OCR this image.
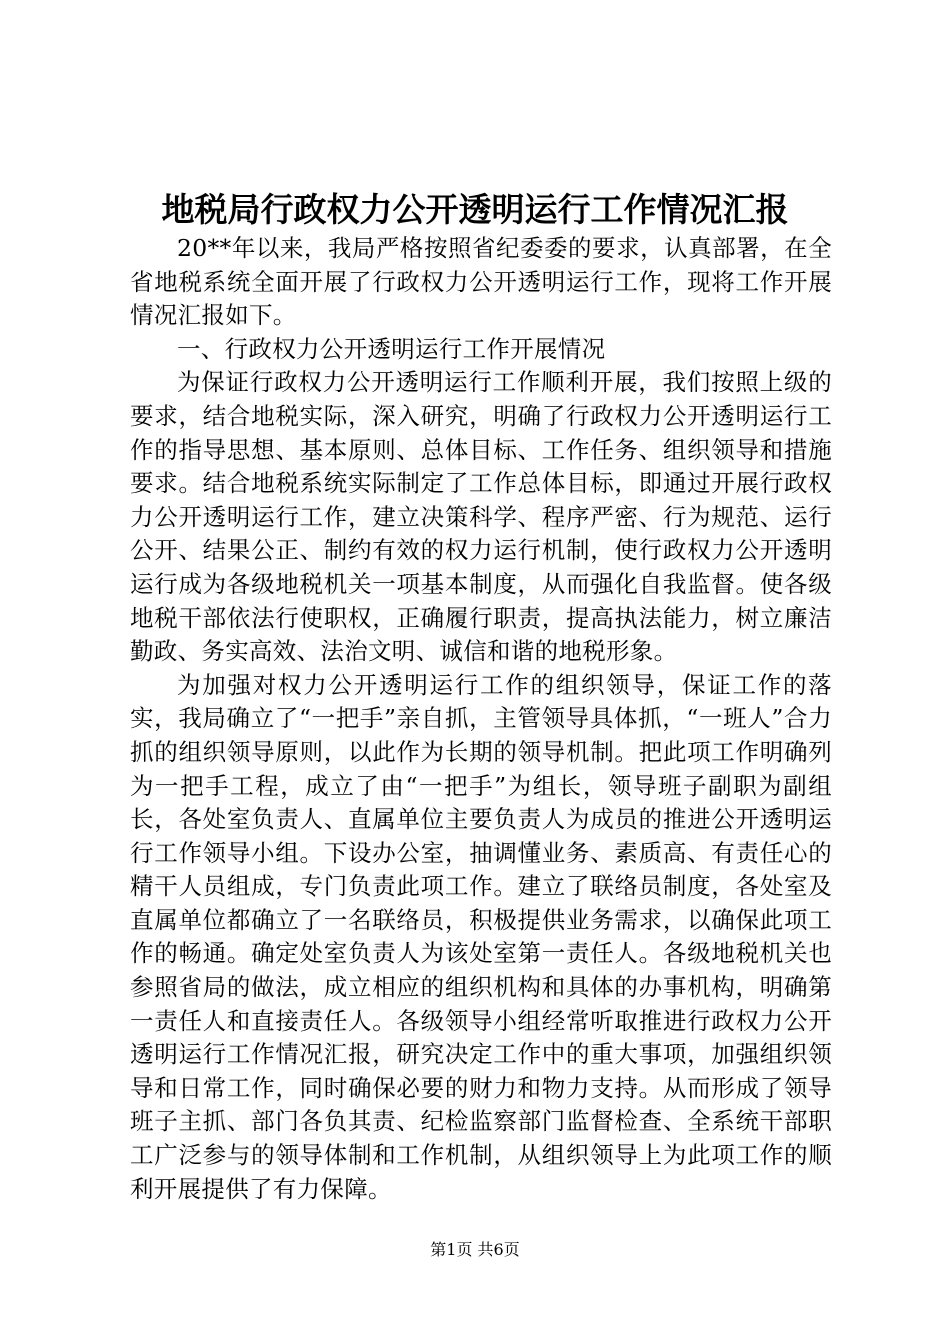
地税局行政权力公开透明运行工作情况汇报

20**年以来，我局严格按照省纪委委的要求，认真部署，在全省地税系统全面开展了行政权力公开透明运行工作，现将工作开展情况汇报如下。

一、行政权力公开透明运行工作开展情况

为保证行政权力公开透明运行工作顺利开展，我们按照上级的要求，结合地税实际，深入研究，明确了行政权力公开透明运行工作的指导思想、基本原则、总体目标、工作任务、组织领导和措施要求。结合地税系统实际制定了工作总体目标，即通过开展行政权力公开透明运行工作，建立决策科学、程序严密、行为规范、运行公开、结果公正、制约有效的权力运行机制，使行政权力公开透明运行成为各级地税机关一项基本制度，从而强化自我监督。使各级地税干部依法行使职权，正确履行职责，提高执法能力，树立廉洁勤政、务实高效、法治文明、诚信和谐的地税形象。

为加强对权力公开透明运行工作的组织领导，保证工作的落实，我局确立了“一把手”亲自抓，主管领导具体抓，“一班人”合力抓的组织领导原则，以此作为长期的领导机制。把此项工作明确列为一把手工程，成立了由“一把手”为组长，领导班子副职为副组长，各处室负责人、直属单位主要负责人为成员的推进公开透明运行工作领导小组。下设办公室，抽调懂业务、素质高、有责任心的精干人员组成，专门负责此项工作。建立了联络员制度，各处室及直属单位都确立了一名联络员，积极提供业务需求，以确保此项工作的畅通。确定处室负责人为该处室第一责任人。各级地税机关也参照省局的做法，成立相应的组织机构和具体的办事机构，明确第一责任人和直接责任人。各级领导小组经常听取推进行政权力公开透明运行工作情况汇报，研究决定工作中的重大事项，加强组织领导和日常工作，同时确保必要的财力和物力支持。从而形成了领导班子主抓、部门各负其责、纪检监察部门监督检查、全系统干部职工广泛参与的领导体制和工作机制，从组织领导上为此项工作的顺利开展提供了有力保障。

第1页 共6页
